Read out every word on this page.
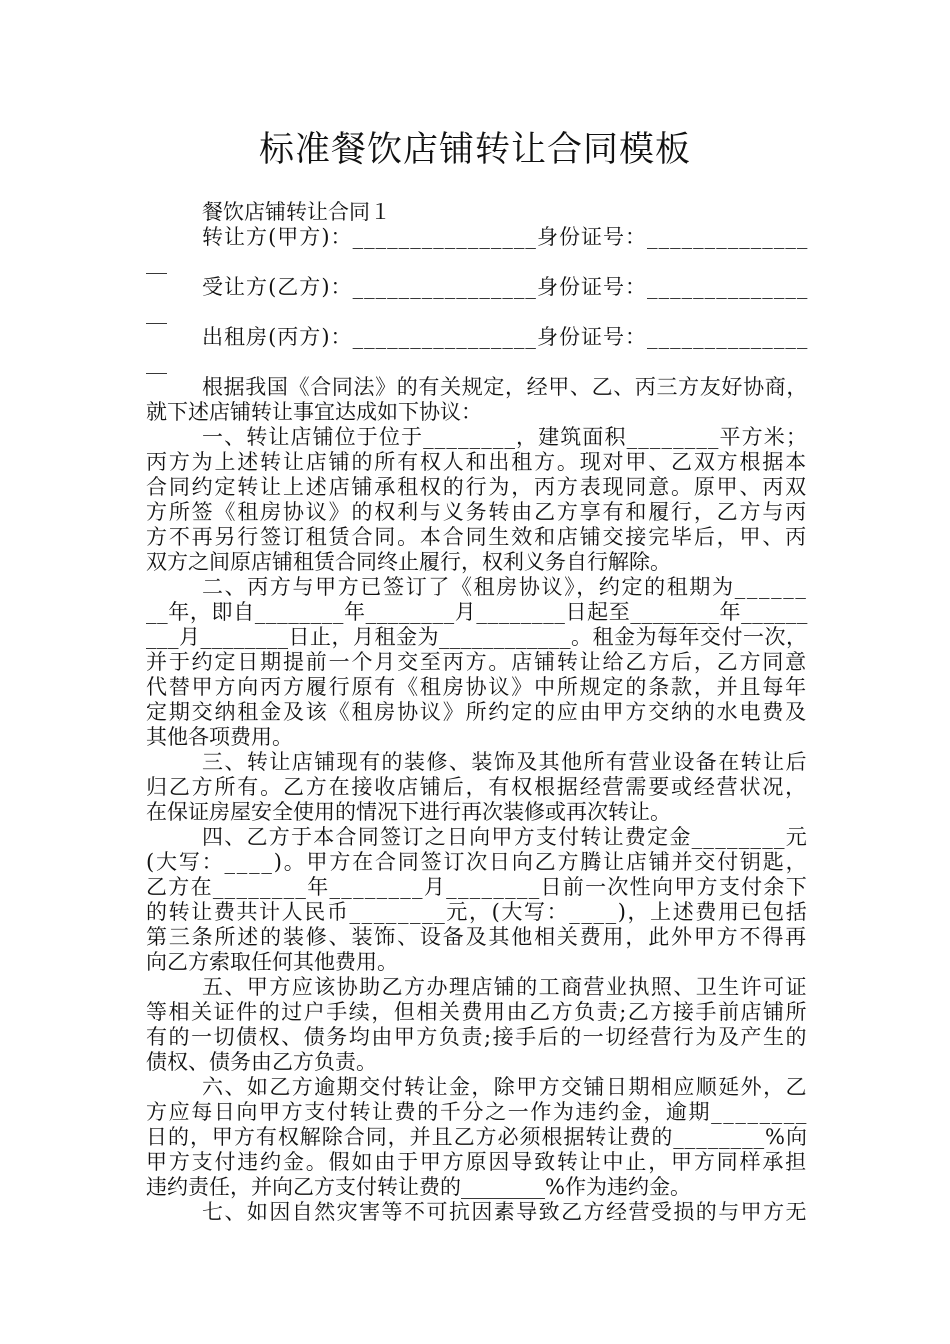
标准餐饮店铺转让合同模板
餐饮店铺转让合同１
转让方(甲方)：________________身份证号：______________
__
受让方(乙方)：________________身份证号：______________
__
出租房(丙方)：________________身份证号：______________
__
根据我国《合同法》的有关规定，经甲、乙、丙三方友好协商，
就下述店铺转让事宜达成如下协议：
一、转让店铺位于位于________，建筑面积________平方米；
丙方为上述转让店铺的所有权人和出租方。现对甲、乙双方根据本
合同约定转让上述店铺承租权的行为，丙方表现同意。原甲、丙双
方所签《租房协议》的权利与义务转由乙方享有和履行，乙方与丙
方不再另行签订租赁合同。本合同生效和店铺交接完毕后，甲、丙
双方之间原店铺租赁合同终止履行，权利义务自行解除。
二、丙方与甲方已签订了《租房协议》，约定的租期为______
__年，即自________年________月________日起至________年______
___月________日止，月租金为____________。租金为每年交付一次，
并于约定日期提前一个月交至丙方。店铺转让给乙方后，乙方同意
代替甲方向丙方履行原有《租房协议》中所规定的条款，并且每年
定期交纳租金及该《租房协议》所约定的应由甲方交纳的水电费及
其他各项费用。
三、转让店铺现有的装修、装饰及其他所有营业设备在转让后
归乙方所有。乙方在接收店铺后，有权根据经营需要或经营状况，
在保证房屋安全使用的情况下进行再次装修或再次转让。
四、乙方于本合同签订之日向甲方支付转让费定金________元
(大写：____)。甲方在合同签订次日向乙方腾让店铺并交付钥匙，
乙方在________年________月________日前一次性向甲方支付余下
的转让费共计人民币________元，(大写：____)，上述费用已包括
第三条所述的装修、装饰、设备及其他相关费用，此外甲方不得再
向乙方索取任何其他费用。
五、甲方应该协助乙方办理店铺的工商营业执照、卫生许可证
等相关证件的过户手续，但相关费用由乙方负责;乙方接手前店铺所
有的一切债权、债务均由甲方负责;接手后的一切经营行为及产生的
债权、债务由乙方负责。
六、如乙方逾期交付转让金，除甲方交铺日期相应顺延外，乙
方应每日向甲方支付转让费的千分之一作为违约金，逾期________
日的，甲方有权解除合同，并且乙方必须根据转让费的________%向
甲方支付违约金。假如由于甲方原因导致转让中止，甲方同样承担
违约责任，并向乙方支付转让费的________%作为违约金。
七、如因自然灾害等不可抗因素导致乙方经营受损的与甲方无
